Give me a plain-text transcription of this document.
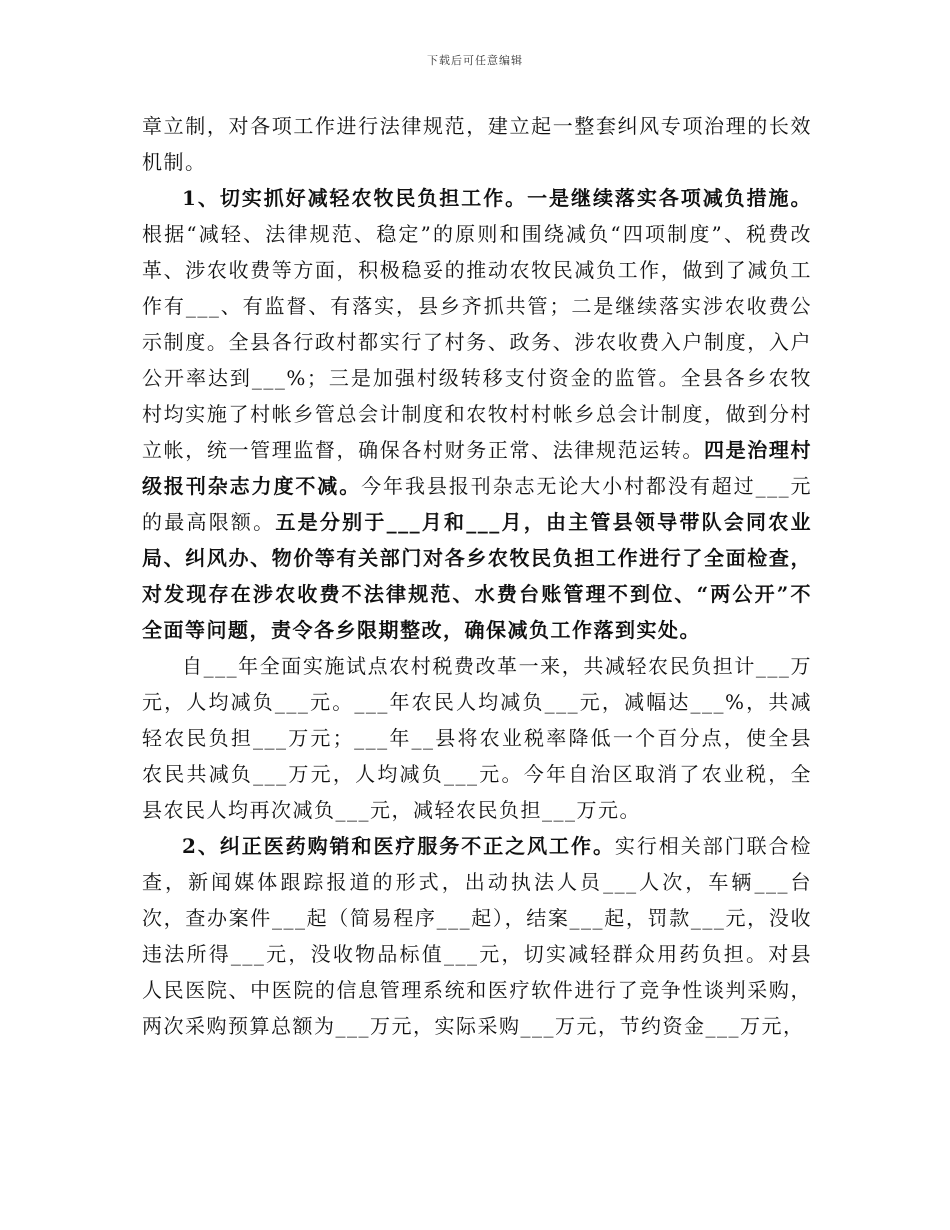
下载后可任意编辑

章立制，对各项工作进行法律规范，建立起一整套纠风专项治理的长效机制。

1、切实抓好减轻农牧民负担工作。一是继续落实各项减负措施。根据“减轻、法律规范、稳定”的原则和围绕减负“四项制度”、税费改革、涉农收费等方面，积极稳妥的推动农牧民减负工作，做到了减负工作有___、有监督、有落实，县乡齐抓共管；二是继续落实涉农收费公示制度。全县各行政村都实行了村务、政务、涉农收费入户制度，入户公开率达到___%；三是加强村级转移支付资金的监管。全县各乡农牧村均实施了村帐乡管总会计制度和农牧村村帐乡总会计制度，做到分村立帐，统一管理监督，确保各村财务正常、法律规范运转。四是治理村级报刊杂志力度不减。今年我县报刊杂志无论大小村都没有超过___元的最高限额。五是分别于___月和___月，由主管县领导带队会同农业局、纠风办、物价等有关部门对各乡农牧民负担工作进行了全面检查，对发现存在涉农收费不法律规范、水费台账管理不到位、“两公开”不全面等问题，责令各乡限期整改，确保减负工作落到实处。

自___年全面实施试点农村税费改革一来，共减轻农民负担计___万元，人均减负___元。___年农民人均减负___元，减幅达___%，共减轻农民负担___万元；___年__县将农业税率降低一个百分点，使全县农民共减负___万元，人均减负___元。今年自治区取消了农业税，全县农民人均再次减负___元，减轻农民负担___万元。

2、纠正医药购销和医疗服务不正之风工作。实行相关部门联合检查，新闻媒体跟踪报道的形式，出动执法人员___人次，车辆___台次，查办案件___起（简易程序___起），结案___起，罚款___元，没收违法所得___元，没收物品标值___元，切实减轻群众用药负担。对县人民医院、中医院的信息管理系统和医疗软件进行了竞争性谈判采购，两次采购预算总额为___万元，实际采购___万元，节约资金___万元，
